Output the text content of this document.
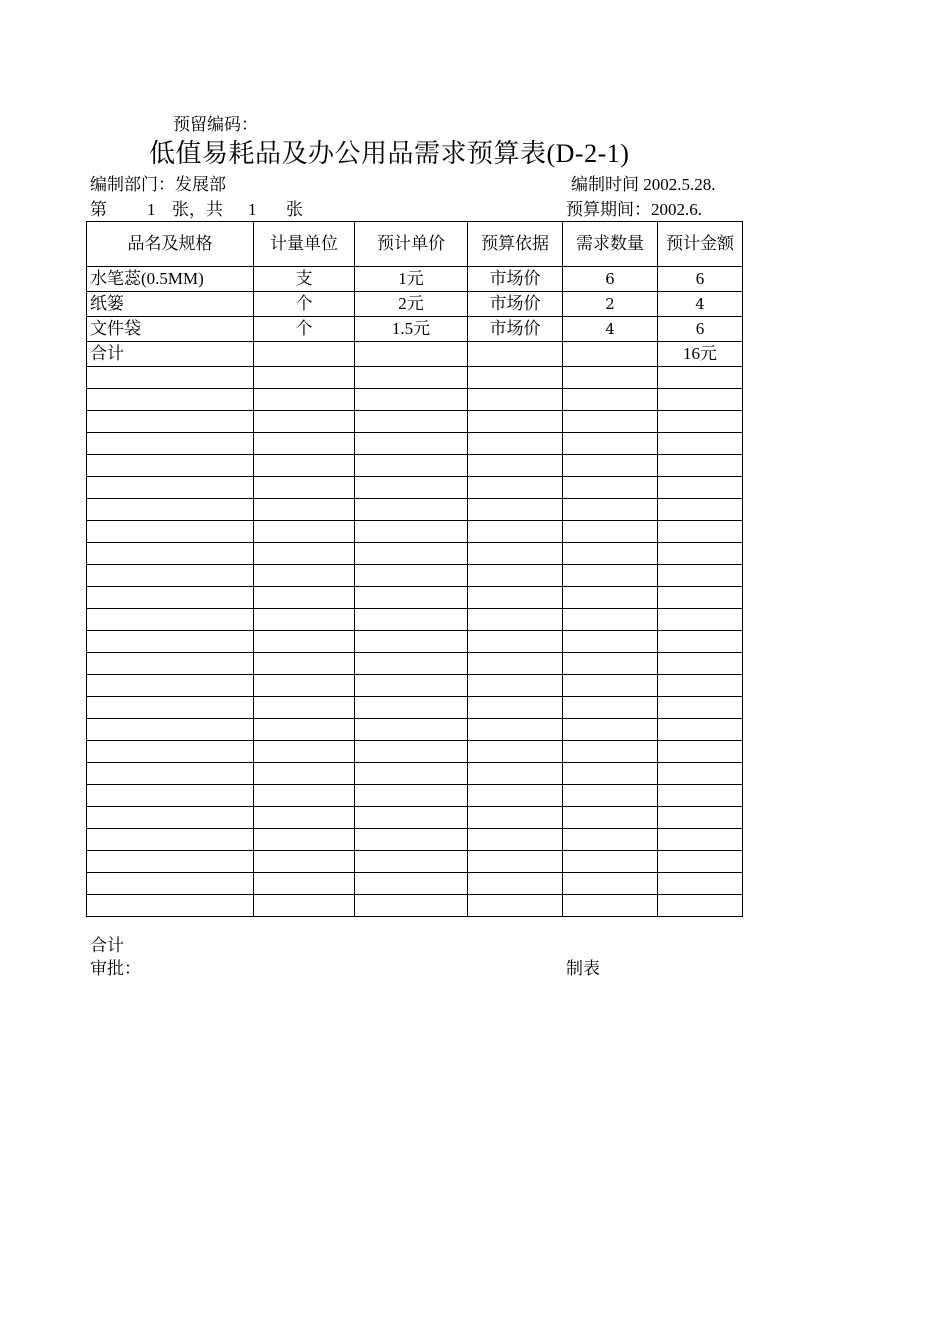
预留编码：
低值易耗品及办公用品需求预算表(D-2-1)
编制部门：发展部	编制时间 2002.5.28.
第 1 张，共 1 张	预算期间：2002.6.
品名及规格	计量单位	预计单价	预算依据	需求数量	预计金额
水笔蕊(0.5MM)	支	1元	市场价	6	6
纸篓	个	2元	市场价	2	4
文件袋	个	1.5元	市场价	4	6
合计					16元

合计
审批：	制表
